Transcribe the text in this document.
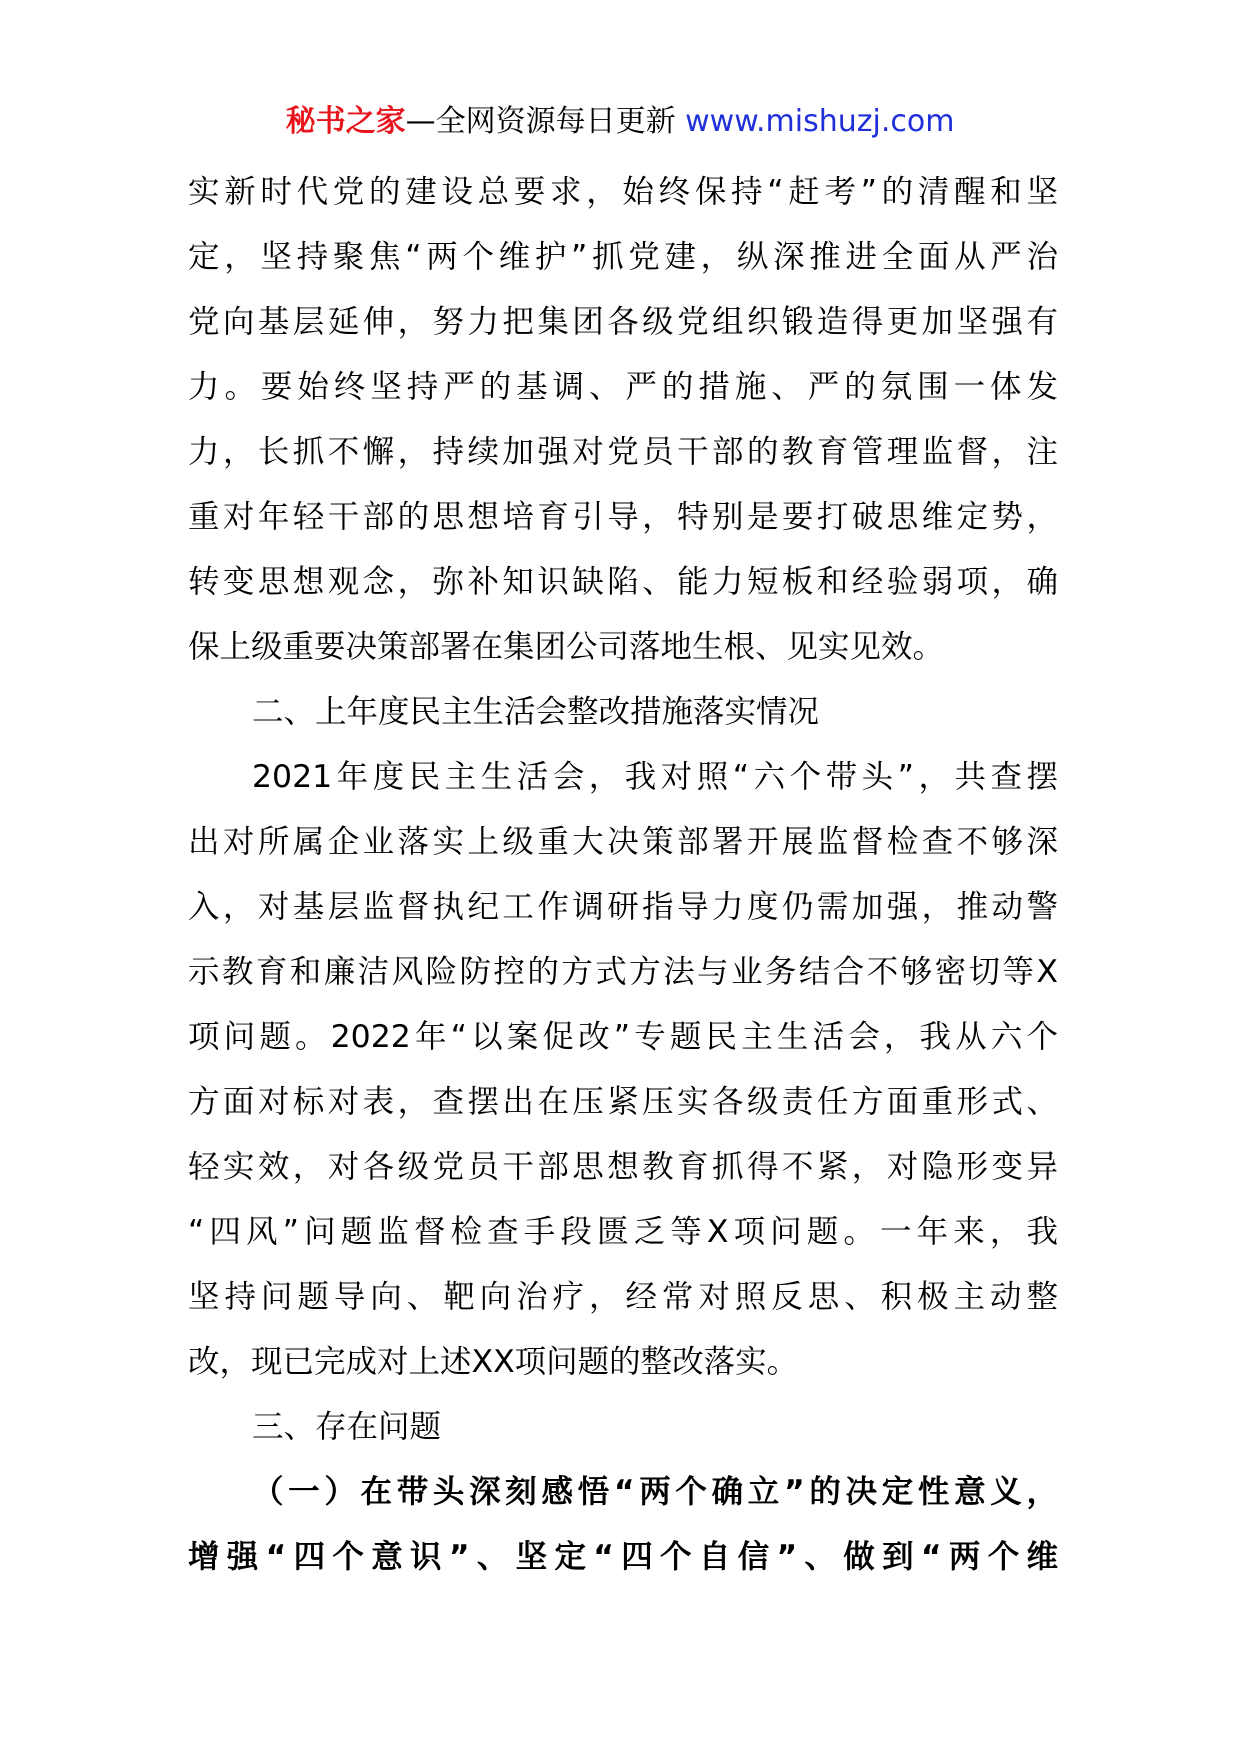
秘书之家—全网资源每日更新 www.mishuzj.com
实新时代党的建设总要求，始终保持“赶考”的清醒和坚
定，坚持聚焦“两个维护”抓党建，纵深推进全面从严治
党向基层延伸，努力把集团各级党组织锻造得更加坚强有
力。要始终坚持严的基调、严的措施、严的氛围一体发
力，长抓不懈，持续加强对党员干部的教育管理监督，注
重对年轻干部的思想培育引导，特别是要打破思维定势，
转变思想观念，弥补知识缺陷、能力短板和经验弱项，确
保上级重要决策部署在集团公司落地生根、见实见效。
二、上年度民主生活会整改措施落实情况
2021年度民主生活会，我对照“六个带头”，共查摆
出对所属企业落实上级重大决策部署开展监督检查不够深
入，对基层监督执纪工作调研指导力度仍需加强，推动警
示教育和廉洁风险防控的方式方法与业务结合不够密切等X
项问题。2022年“以案促改”专题民主生活会，我从六个
方面对标对表，查摆出在压紧压实各级责任方面重形式、
轻实效，对各级党员干部思想教育抓得不紧，对隐形变异
“四风”问题监督检查手段匮乏等X项问题。一年来，我
坚持问题导向、靶向治疗，经常对照反思、积极主动整
改，现已完成对上述XX项问题的整改落实。
三、存在问题
（一）在带头深刻感悟“两个确立”的决定性意义，
增强“四个意识”、坚定“四个自信”、做到“两个维
